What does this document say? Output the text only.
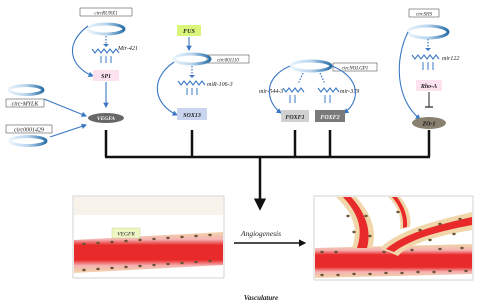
circRUNX1
Mir-421
SP1
circ-MYLK
circ0001429
VEGFA
FUS
circ001110
miR-106-3
SOX13
circNOLGP1
mir-544-3	mir-379
FOXF1	FOXF2
circSHS
mir122
Rho-A
ZO-1
VEGFR	Angiogenesis
Vasculature
